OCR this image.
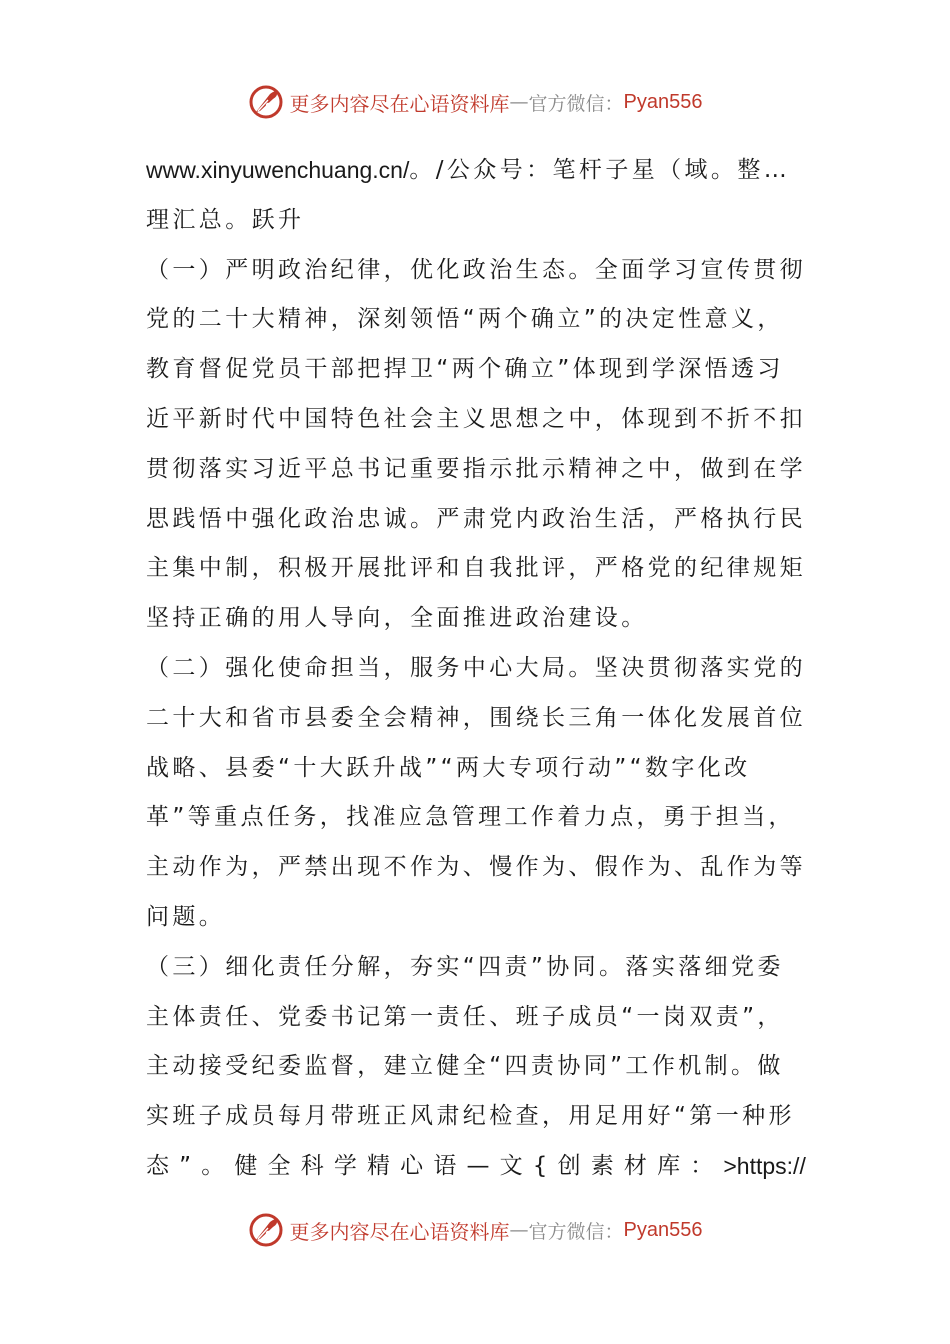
更多内容尽在心语资料库 — 官方微信： Pyan556
www.xinyuwenchuang.cn/ 。/公众号：笔杆子星（域。整…
理汇总。跃升
（一）严明政治纪律，优化政治生态。全面学习宣传贯彻
党的二十大精神，深刻领悟“两个确立”的决定性意义，
教育督促党员干部把捍卫“两个确立”体现到学深悟透习
近平新时代中国特色社会主义思想之中，体现到不折不扣
贯彻落实习近平总书记重要指示批示精神之中，做到在学
思践悟中强化政治忠诚。严肃党内政治生活，严格执行民
主集中制，积极开展批评和自我批评，严格党的纪律规矩
坚持正确的用人导向，全面推进政治建设。
（二）强化使命担当，服务中心大局。坚决贯彻落实党的
二十大和省市县委全会精神，围绕长三角一体化发展首位
战略、县委“十大跃升战”“两大专项行动”“数字化改
革”等重点任务，找准应急管理工作着力点，勇于担当，
主动作为，严禁出现不作为、慢作为、假作为、乱作为等
问题。
（三）细化责任分解，夯实“四责”协同。落实落细党委
主体责任、党委书记第一责任、班子成员“一岗双责”，
主动接受纪委监督，建立健全“四责协同”工作机制。做
实班子成员每月带班正风肃纪检查，用足用好“第一种形
态 ” 。 健 全 科 学 精 心 语 — 文 { 创 素 材 库 ： >https://
更多内容尽在心语资料库 — 官方微信： Pyan556
